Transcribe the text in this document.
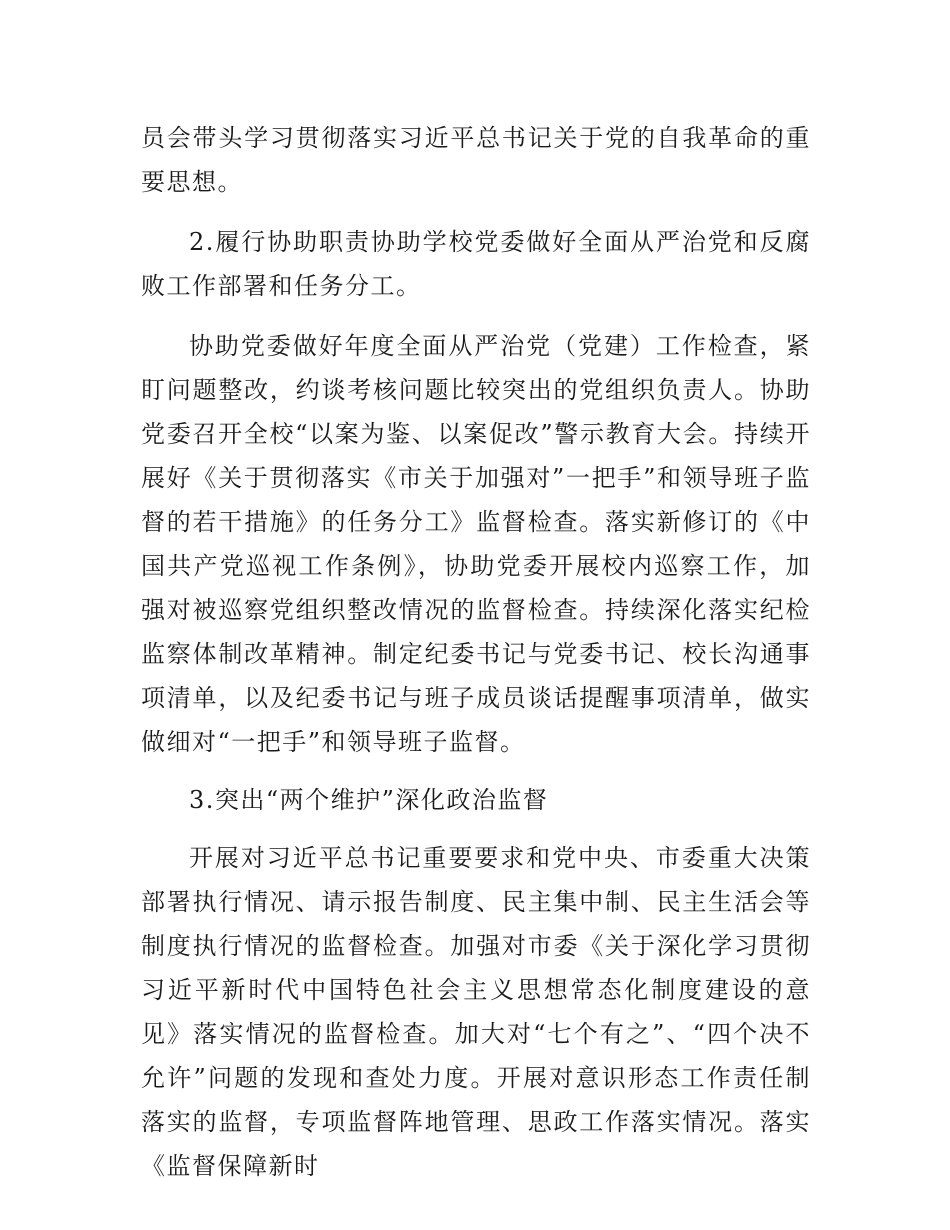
员会带头学习贯彻落实习近平总书记关于党的自我革命的重要思想。

2.履行协助职责协助学校党委做好全面从严治党和反腐败工作部署和任务分工。

协助党委做好年度全面从严治党（党建）工作检查，紧盯问题整改，约谈考核问题比较突出的党组织负责人。协助党委召开全校“以案为鉴、以案促改”警示教育大会。持续开展好《关于贯彻落实《市关于加强对”一把手”和领导班子监督的若干措施》的任务分工》监督检查。落实新修订的《中国共产党巡视工作条例》，协助党委开展校内巡察工作，加强对被巡察党组织整改情况的监督检查。持续深化落实纪检监察体制改革精神。制定纪委书记与党委书记、校长沟通事项清单，以及纪委书记与班子成员谈话提醒事项清单，做实做细对“一把手”和领导班子监督。

3.突出“两个维护”深化政治监督

开展对习近平总书记重要要求和党中央、市委重大决策部署执行情况、请示报告制度、民主集中制、民主生活会等制度执行情况的监督检查。加强对市委《关于深化学习贯彻习近平新时代中国特色社会主义思想常态化制度建设的意见》落实情况的监督检查。加大对“七个有之”、“四个决不允许”问题的发现和查处力度。开展对意识形态工作责任制落实的监督，专项监督阵地管理、思政工作落实情况。落实《监督保障新时
